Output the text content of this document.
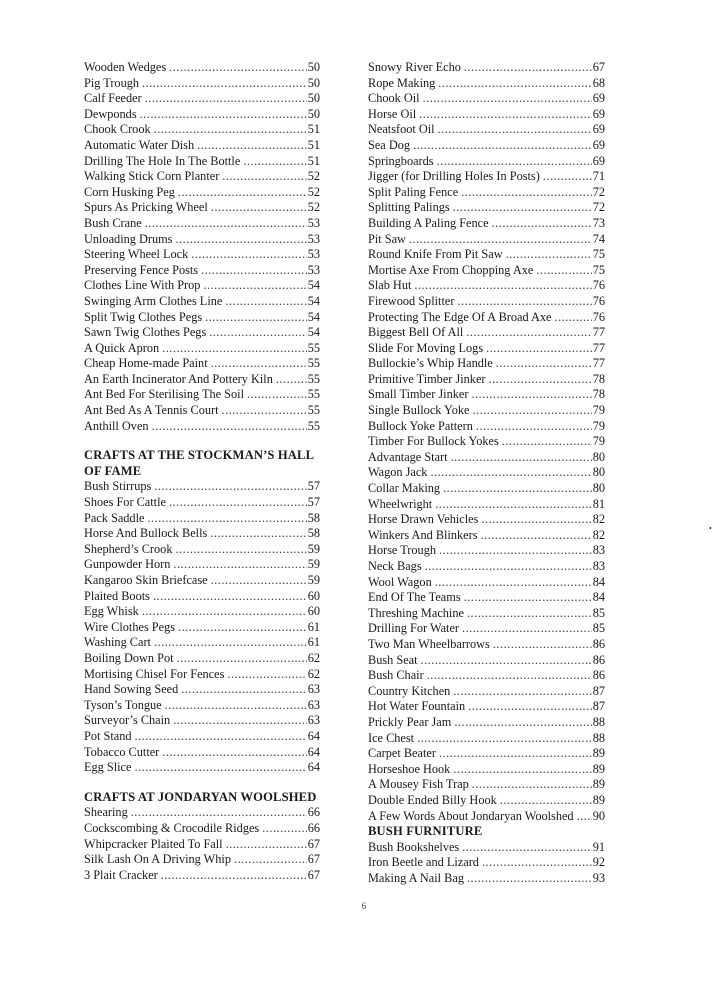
Wooden Wedges .....	50
Pig Trough .....	50
Calf Feeder .....	50
Dewponds .....	50
Chook Crook .....	51
Automatic Water Dish .....	51
Drilling The Hole In The Bottle .....	51
Walking Stick Corn Planter .....	52
Corn Husking Peg .....	52
Spurs As Pricking Wheel .....	52
Bush Crane .....	53
Unloading Drums .....	53
Steering Wheel Lock .....	53
Preserving Fence Posts .....	53
Clothes Line With Prop .....	54
Swinging Arm Clothes Line .....	54
Split Twig Clothes Pegs .....	54
Sawn Twig Clothes Pegs .....	54
A Quick Apron .....	55
Cheap Home-made Paint .....	55
An Earth Incinerator And Pottery Kiln .....	55
Ant Bed For Sterilising The Soil .....	55
Ant Bed As A Tennis Court .....	55
Anthill Oven .....	55
CRAFTS AT THE STOCKMAN’S HALL OF FAME
Bush Stirrups .....	57
Shoes For Cattle .....	57
Pack Saddle .....	58
Horse And Bullock Bells .....	58
Shepherd’s Crook .....	59
Gunpowder Horn .....	59
Kangaroo Skin Briefcase .....	59
Plaited Boots .....	60
Egg Whisk .....	60
Wire Clothes Pegs .....	61
Washing Cart .....	61
Boiling Down Pot .....	62
Mortising Chisel For Fences .....	62
Hand Sowing Seed .....	63
Tyson’s Tongue .....	63
Surveyor’s Chain .....	63
Pot Stand .....	64
Tobacco Cutter .....	64
Egg Slice .....	64
CRAFTS AT JONDARYAN WOOLSHED
Shearing .....	66
Cockscombing & Crocodile Ridges .....	66
Whipcracker Plaited To Fall .....	67
Silk Lash On A Driving Whip .....	67
3 Plait Cracker .....	67
Snowy River Echo .....	67
Rope Making .....	68
Chook Oil .....	69
Horse Oil .....	69
Neatsfoot Oil .....	69
Sea Dog .....	69
Springboards .....	69
Jigger (for Drilling Holes In Posts) .....	71
Split Paling Fence .....	72
Splitting Palings .....	72
Building A Paling Fence .....	73
Pit Saw .....	74
Round Knife From Pit Saw .....	75
Mortise Axe From Chopping Axe .....	75
Slab Hut .....	76
Firewood Splitter .....	76
Protecting The Edge Of A Broad Axe .....	76
Biggest Bell Of All .....	77
Slide For Moving Logs .....	77
Bullockie’s Whip Handle .....	77
Primitive Timber Jinker .....	78
Small Timber Jinker .....	78
Single Bullock Yoke .....	79
Bullock Yoke Pattern .....	79
Timber For Bullock Yokes .....	79
Advantage Start .....	80
Wagon Jack .....	80
Collar Making .....	80
Wheelwright .....	81
Horse Drawn Vehicles .....	82
Winkers And Blinkers .....	82
Horse Trough .....	83
Neck Bags .....	83
Wool Wagon .....	84
End Of The Teams .....	84
Threshing Machine .....	85
Drilling For Water .....	85
Two Man Wheelbarrows .....	86
Bush Seat .....	86
Bush Chair .....	86
Country Kitchen .....	87
Hot Water Fountain .....	87
Prickly Pear Jam .....	88
Ice Chest .....	88
Carpet Beater .....	89
Horseshoe Hook .....	89
A Mousey Fish Trap .....	89
Double Ended Billy Hook .....	89
A Few Words About Jondaryan Woolshed ..... 90
BUSH FURNITURE
Bush Bookshelves .....	91
Iron Beetle and Lizard .....	92
Making A Nail Bag .....	93
6
•
